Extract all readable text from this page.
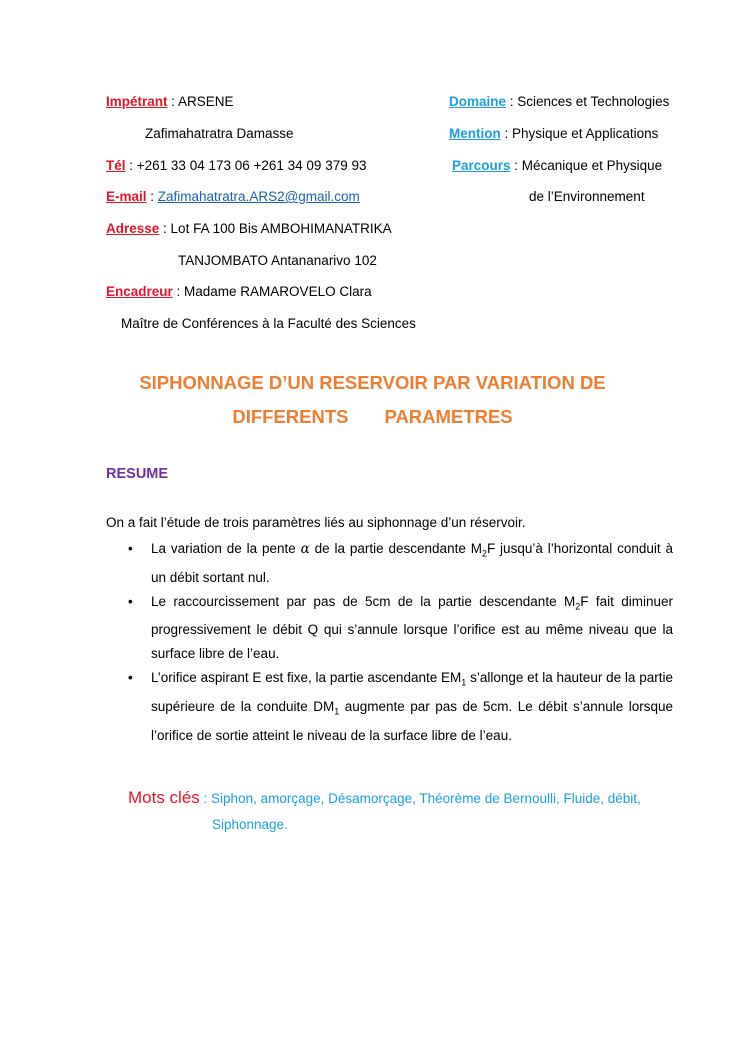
Impétrant : ARSENE
Zafimahatratra Damasse
Tél : +261 33 04 173 06 +261 34 09 379 93
E-mail : Zafimahatratra.ARS2@gmail.com
Adresse : Lot FA 100 Bis AMBOHIMANATRIKA
TANJOMBATO Antananarivo 102
Encadreur : Madame RAMAROVELO Clara
Maître de Conférences à la Faculté des Sciences
Domaine : Sciences et Technologies
Mention : Physique et Applications
Parcours : Mécanique et Physique
de l’Environnement
SIPHONNAGE D’UN RESERVOIR PAR VARIATION DE
DIFFERENTS       PARAMETRES
RESUME

On a fait l’étude de trois paramètres liés au siphonnage d’un réservoir.

• La variation de la pente α de la partie descendante $M_2F$ jusqu’à l’horizontal conduit à un débit sortant nul.
• Le raccourcissement par pas de 5cm de la partie descendante $M_2F$ fait diminuer progressivement le débit Q qui s’annule lorsque l’orifice est au même niveau que la surface libre de l’eau.
• L’orifice aspirant E est fixe, la partie ascendante $EM_1$ s’allonge et la hauteur de la partie supérieure de la conduite $DM_1$ augmente par pas de 5cm. Le débit s’annule lorsque l’orifice de sortie atteint le niveau de la surface libre de l’eau.
Mots clés : Siphon, amorçage, Désamorçage, Théorème de Bernoulli, Fluide, débit,
Siphonnage.
